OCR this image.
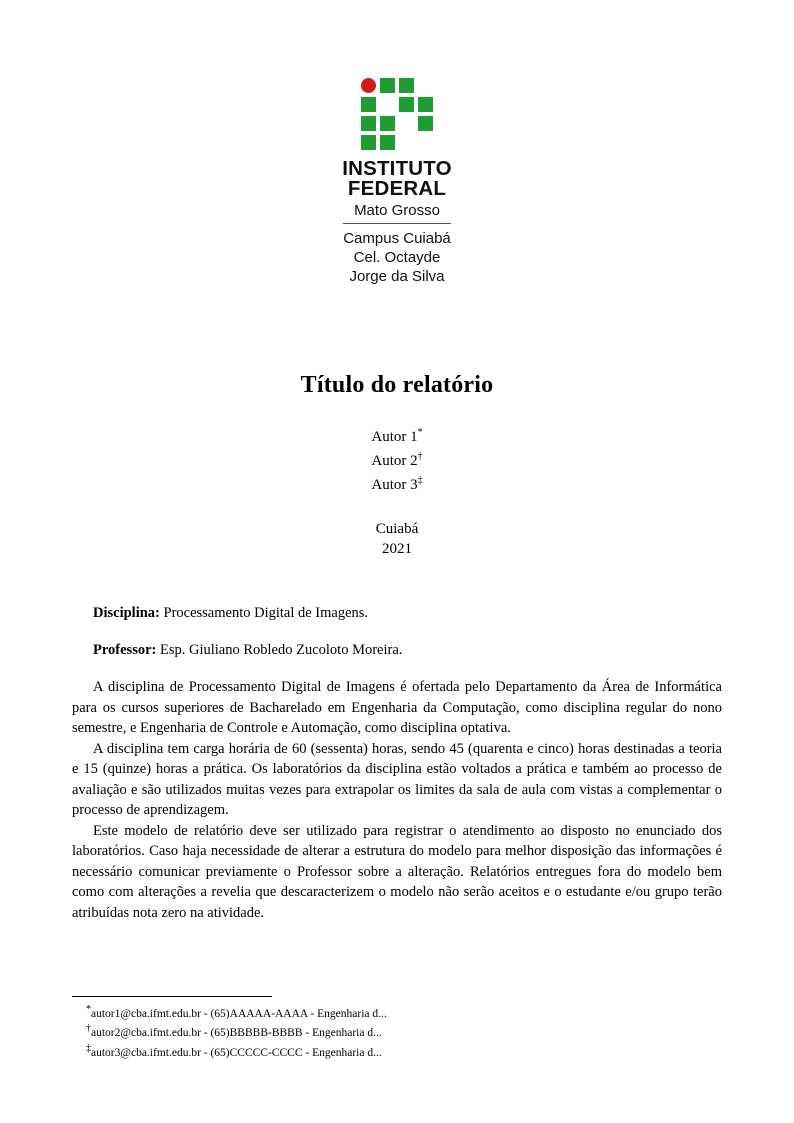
INSTITUTO
FEDERAL
Mato Grosso
Campus Cuiabá
Cel. Octayde
Jorge da Silva
Título do relatório
Autor 1*
Autor 2†
Autor 3‡
Cuiabá
2021
Disciplina: Processamento Digital de Imagens.
Professor: Esp. Giuliano Robledo Zucoloto Moreira.

A disciplina de Processamento Digital de Imagens é ofertada pelo Departamento da Área de Informática para os cursos superiores de Bacharelado em Engenharia da Computação, como disciplina regular do nono semestre, e Engenharia de Controle e Automação, como disciplina optativa.

A disciplina tem carga horária de 60 (sessenta) horas, sendo 45 (quarenta e cinco) horas destinadas a teoria e 15 (quinze) horas a prática. Os laboratórios da disciplina estão voltados a prática e também ao processo de avaliação e são utilizados muitas vezes para extrapolar os limites da sala de aula com vistas a complementar o processo de aprendizagem.

Este modelo de relatório deve ser utilizado para registrar o atendimento ao disposto no enunciado dos laboratórios. Caso haja necessidade de alterar a estrutura do modelo para melhor disposição das informações é necessário comunicar previamente o Professor sobre a alteração. Relatórios entregues fora do modelo bem como com alterações a revelia que descaracterizem o modelo não serão aceitos e o estudante e/ou grupo terão atribuídas nota zero na atividade.

*autor1@cba.ifmt.edu.br - (65)AAAAA-AAAA - Engenharia d...
†autor2@cba.ifmt.edu.br - (65)BBBBB-BBBB - Engenharia d...
‡autor3@cba.ifmt.edu.br - (65)CCCCC-CCCC - Engenharia d...
